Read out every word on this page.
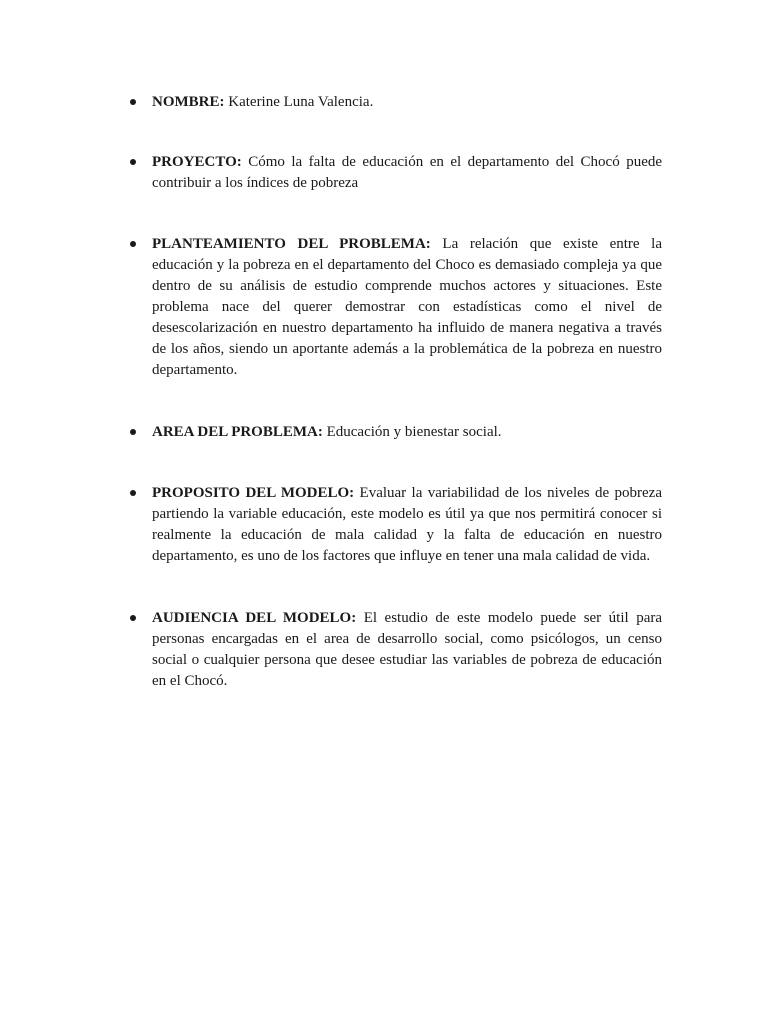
NOMBRE: Katerine Luna Valencia.
PROYECTO: Cómo la falta de educación en el departamento del Chocó puede contribuir a los índices de pobreza
PLANTEAMIENTO DEL PROBLEMA: La relación que existe entre la educación y la pobreza en el departamento del Choco es demasiado compleja ya que dentro de su análisis de estudio comprende muchos actores y situaciones. Este problema nace del querer demostrar con estadísticas como el nivel de desescolarización en nuestro departamento ha influido de manera negativa a través de los años, siendo un aportante además a la problemática de la pobreza en nuestro departamento.
AREA DEL PROBLEMA: Educación y bienestar social.
PROPOSITO DEL MODELO: Evaluar la variabilidad de los niveles de pobreza partiendo la variable educación, este modelo es útil ya que nos permitirá conocer si realmente la educación de mala calidad y la falta de educación en nuestro departamento, es uno de los factores que influye en tener una mala calidad de vida.
AUDIENCIA DEL MODELO: El estudio de este modelo puede ser útil para personas encargadas en el area de desarrollo social, como psicólogos, un censo social o cualquier persona que desee estudiar las variables de pobreza de educación en el Chocó.
